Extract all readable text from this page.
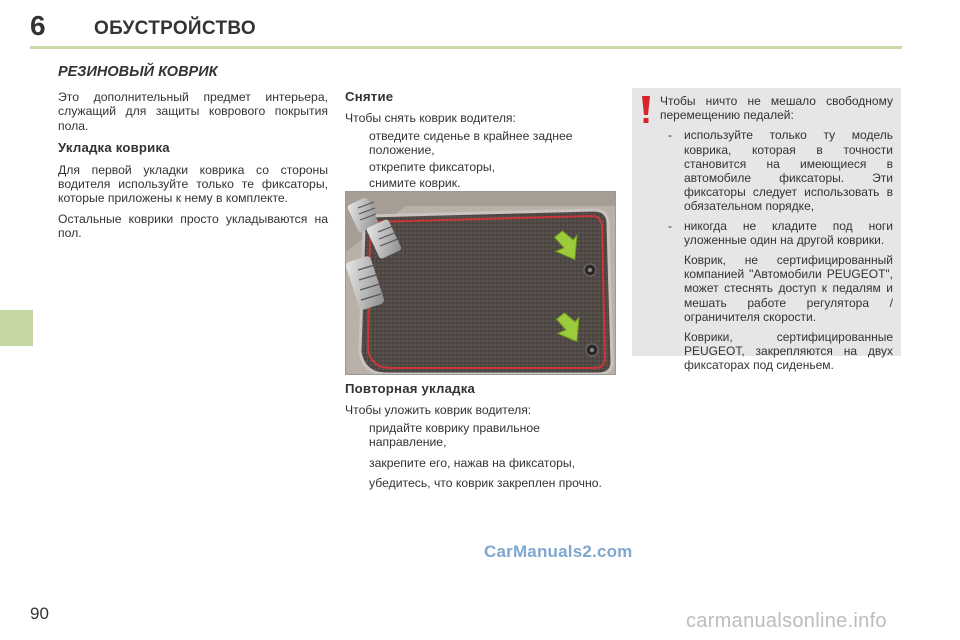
6	ОБУСТРОЙСТВО
РЕЗИНОВЫЙ КОВРИК

Это дополнительный предмет интерьера, служащий для защиты коврового покрытия пола.

Укладка коврика

Для первой укладки коврика со стороны водителя используйте только те фиксаторы, которые приложены к нему в комплекте.

Остальные коврики просто укладываются на пол.

Снятие

Чтобы снять коврик водителя:

отведите сиденье в крайнее заднее положение,
открепите фиксаторы,
снимите коврик.
Повторная укладка

Чтобы уложить коврик водителя:

придайте коврику правильное направление,
закрепите его, нажав на фиксаторы,
убедитесь, что коврик закреплен прочно.

Чтобы ничто не мешало свободному перемещению педалей:

- используйте только ту модель коврика, которая в точности становится на имеющиеся в автомобиле фиксаторы. Эти фиксаторы следует использовать в обязательном порядке,
- никогда не кладите под ноги уложенные один на другой коврики.

Коврик, не сертифицированный компанией "Автомобили PEUGEOT", может стеснять доступ к педалям и мешать работе регулятора / ограничителя скорости.

Коврики, сертифицированные PEUGEOT, закрепляются на двух фиксаторах под сиденьем.

CarManuals2.com
90	carmanualsonline.info
